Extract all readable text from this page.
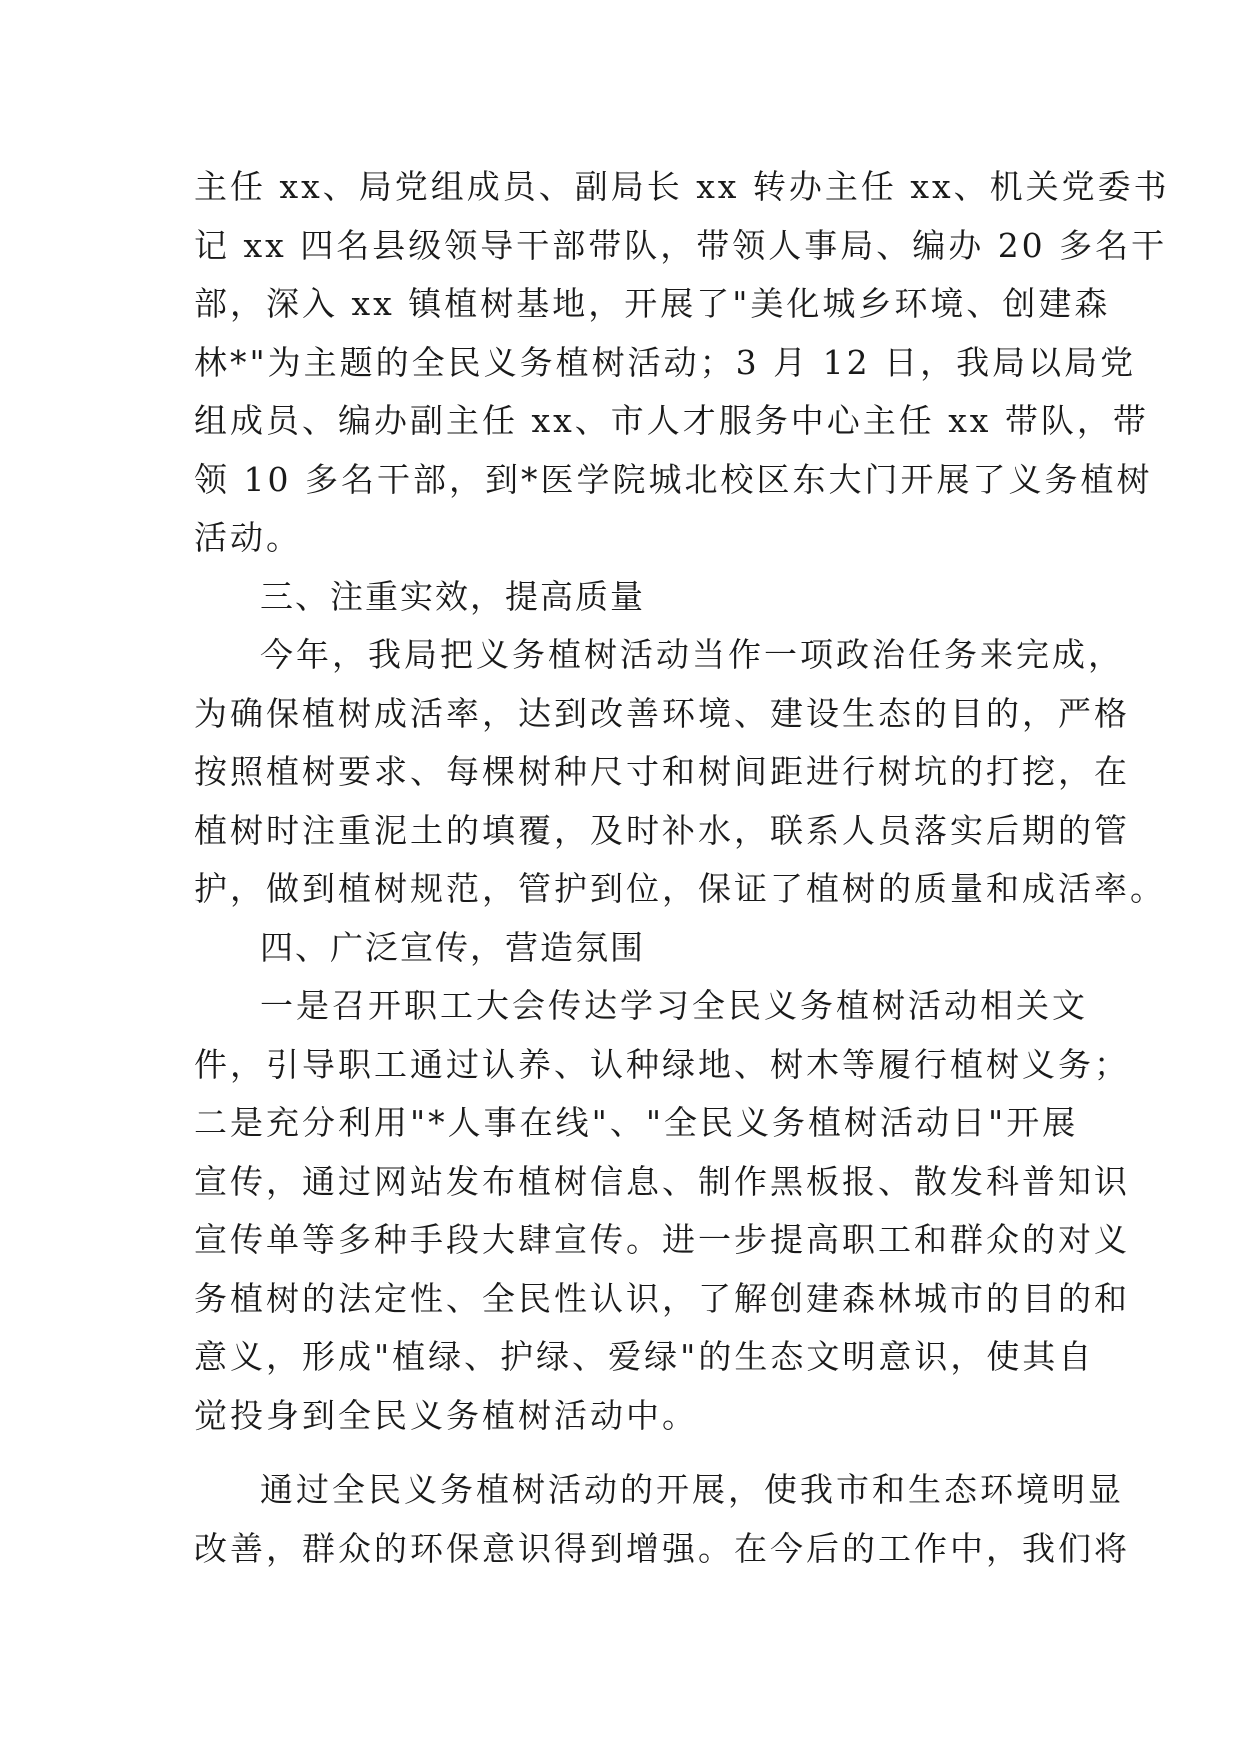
主任 xx、局党组成员、副局长 xx 转办主任 xx、机关党委书
记 xx 四名县级领导干部带队，带领人事局、编办 20 多名干
部，深入 xx 镇植树基地，开展了"美化城乡环境、创建森
林*"为主题的全民义务植树活动；3 月 12 日，我局以局党
组成员、编办副主任 xx、市人才服务中心主任 xx 带队，带
领 10 多名干部，到*医学院城北校区东大门开展了义务植树
活动。
三、注重实效，提高质量
今年，我局把义务植树活动当作一项政治任务来完成，
为确保植树成活率，达到改善环境、建设生态的目的，严格
按照植树要求、每棵树种尺寸和树间距进行树坑的打挖，在
植树时注重泥土的填覆，及时补水，联系人员落实后期的管
护，做到植树规范，管护到位，保证了植树的质量和成活率。
四、广泛宣传，营造氛围
一是召开职工大会传达学习全民义务植树活动相关文
件，引导职工通过认养、认种绿地、树木等履行植树义务；
二是充分利用"*人事在线"、"全民义务植树活动日"开展
宣传，通过网站发布植树信息、制作黑板报、散发科普知识
宣传单等多种手段大肆宣传。进一步提高职工和群众的对义
务植树的法定性、全民性认识，了解创建森林城市的目的和
意义，形成"植绿、护绿、爱绿"的生态文明意识，使其自
觉投身到全民义务植树活动中。
通过全民义务植树活动的开展，使我市和生态环境明显
改善，群众的环保意识得到增强。在今后的工作中，我们将
